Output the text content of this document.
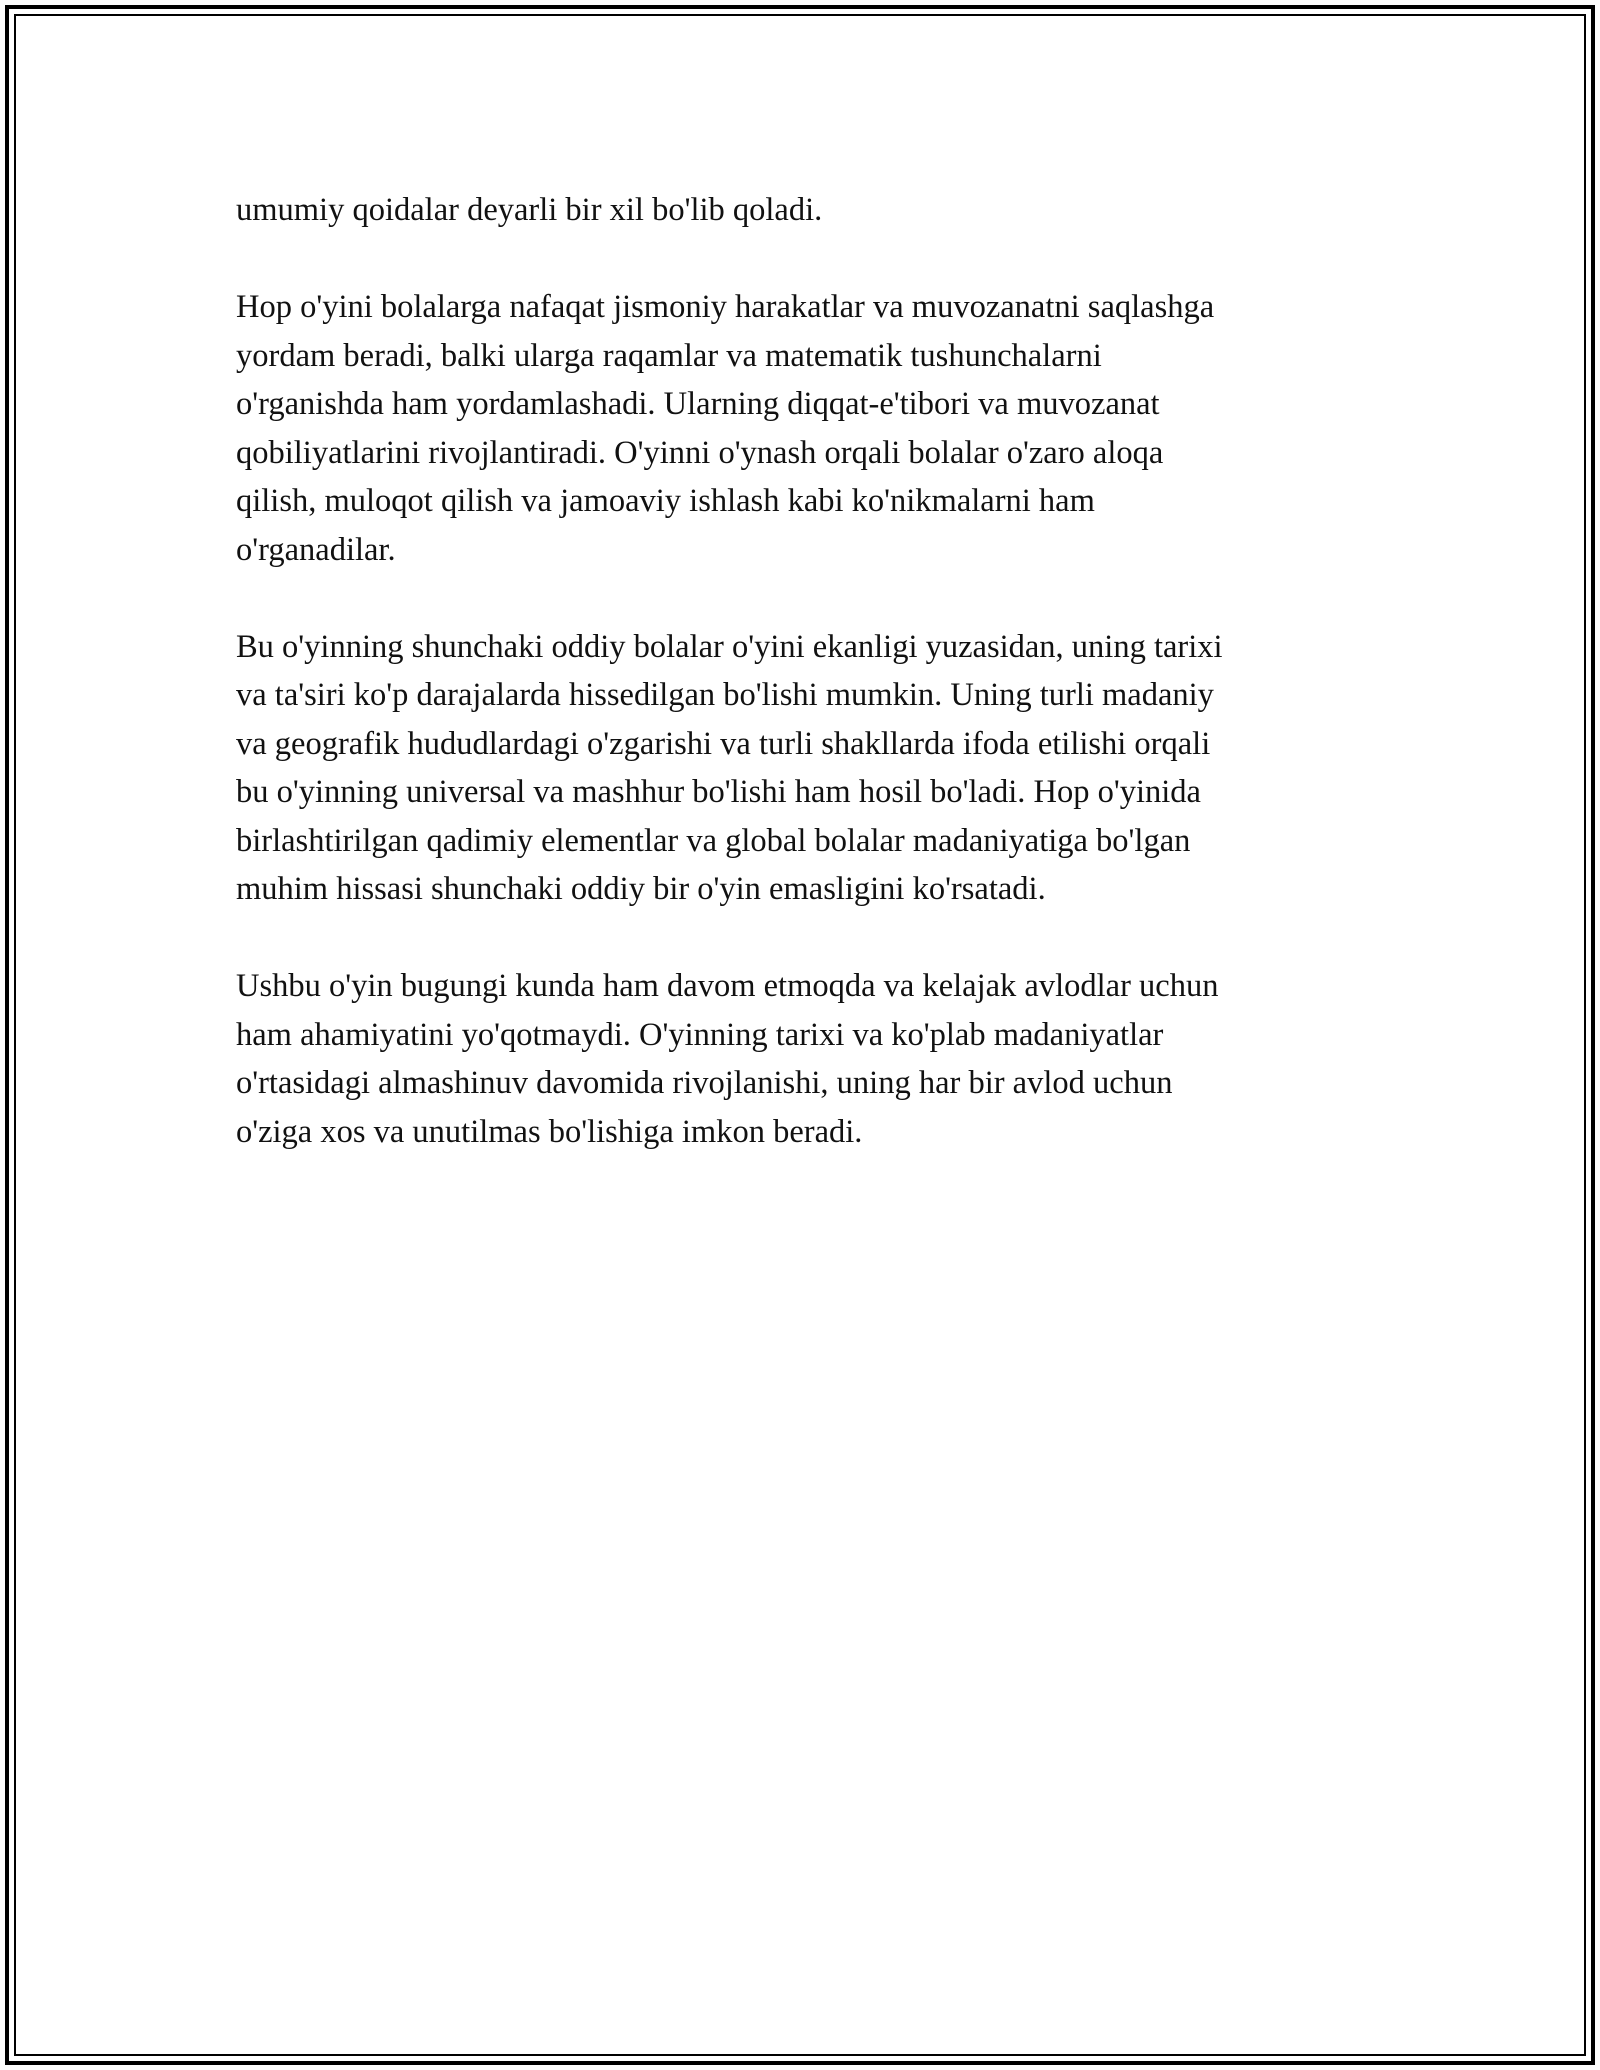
umumiy qoidalar deyarli bir xil bo'lib qoladi.

Hop o'yini bolalarga nafaqat jismoniy harakatlar va muvozanatni saqlashga
yordam beradi, balki ularga raqamlar va matematik tushunchalarni
o'rganishda ham yordamlashadi. Ularning diqqat-e'tibori va muvozanat
qobiliyatlarini rivojlantiradi. O'yinni o'ynash orqali bolalar o'zaro aloqa
qilish, muloqot qilish va jamoaviy ishlash kabi ko'nikmalarni ham
o'rganadilar.

Bu o'yinning shunchaki oddiy bolalar o'yini ekanligi yuzasidan, uning tarixi
va ta'siri ko'p darajalarda hissedilgan bo'lishi mumkin. Uning turli madaniy
va geografik hududlardagi o'zgarishi va turli shakllarda ifoda etilishi orqali
bu o'yinning universal va mashhur bo'lishi ham hosil bo'ladi. Hop o'yinida
birlashtirilgan qadimiy elementlar va global bolalar madaniyatiga bo'lgan
muhim hissasi shunchaki oddiy bir o'yin emasligini ko'rsatadi.

Ushbu o'yin bugungi kunda ham davom etmoqda va kelajak avlodlar uchun
ham ahamiyatini yo'qotmaydi. O'yinning tarixi va ko'plab madaniyatlar
o'rtasidagi almashinuv davomida rivojlanishi, uning har bir avlod uchun
o'ziga xos va unutilmas bo'lishiga imkon beradi.
